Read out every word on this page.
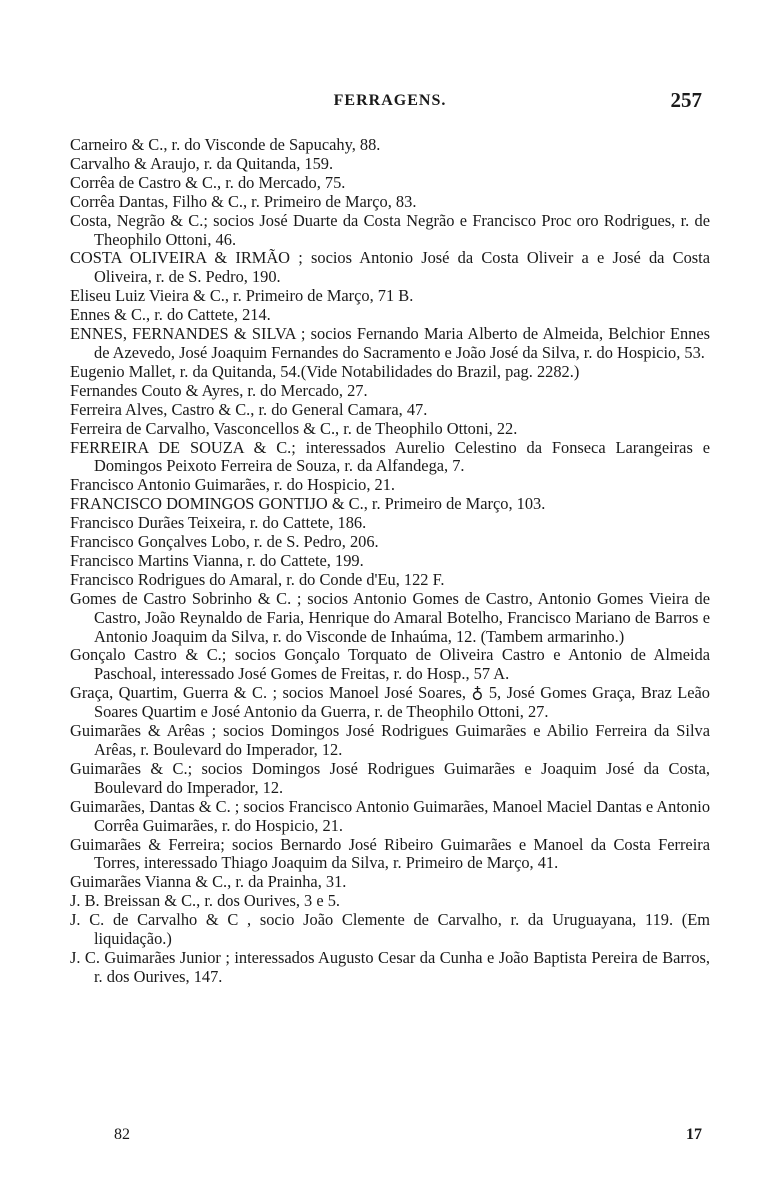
FERRAGENS.	257

Carneiro & C., r. do Visconde de Sapucahy, 88.

Carvalho & Araujo, r. da Quitanda, 159.

Corrêa de Castro & C., r. do Mercado, 75.

Corrêa Dantas, Filho & C., r. Primeiro de Março, 83.

Costa, Negrão & C.; socios José Duarte da Costa Negrão e Francisco Proc oro Rodrigues, r. de Theophilo Ottoni, 46.

COSTA OLIVEIRA & IRMÃO ; socios Antonio José da Costa Oliveir a e José da Costa Oliveira, r. de S. Pedro, 190.

Eliseu Luiz Vieira & C., r. Primeiro de Março, 71 B.

Ennes & C., r. do Cattete, 214.

ENNES, FERNANDES & SILVA ; socios Fernando Maria Alberto de Almeida, Belchior Ennes de Azevedo, José Joaquim Fernandes do Sacramento e João José da Silva, r. do Hospicio, 53.

Eugenio Mallet, r. da Quitanda, 54.(Vide Notabilidades do Brazil, pag. 2282.)

Fernandes Couto & Ayres, r. do Mercado, 27.

Ferreira Alves, Castro & C., r. do General Camara, 47.

Ferreira de Carvalho, Vasconcellos & C., r. de Theophilo Ottoni, 22.

FERREIRA DE SOUZA & C.; interessados Aurelio Celestino da Fonseca Larangeiras e Domingos Peixoto Ferreira de Souza, r. da Alfandega, 7.

Francisco Antonio Guimarães, r. do Hospicio, 21.

FRANCISCO DOMINGOS GONTIJO & C., r. Primeiro de Março, 103.

Francisco Durães Teixeira, r. do Cattete, 186.

Francisco Gonçalves Lobo, r. de S. Pedro, 206.

Francisco Martins Vianna, r. do Cattete, 199.

Francisco Rodrigues do Amaral, r. do Conde d'Eu, 122 F.

Gomes de Castro Sobrinho & C. ; socios Antonio Gomes de Castro, Antonio Gomes Vieira de Castro, João Reynaldo de Faria, Henrique do Amaral Botelho, Francisco Mariano de Barros e Antonio Joaquim da Silva, r. do Visconde de Inhaúma, 12. (Tambem armarinho.)

Gonçalo Castro & C.; socios Gonçalo Torquato de Oliveira Castro e Antonio de Almeida Paschoal, interessado José Gomes de Freitas, r. do Hosp., 57 A.

Graça, Quartim, Guerra & C. ; socios Manoel José Soares, ♁ 5, José Gomes Graça, Braz Leão Soares Quartim e José Antonio da Guerra, r. de Theophilo Ottoni, 27.

Guimarães & Arêas ; socios Domingos José Rodrigues Guimarães e Abilio Ferreira da Silva Arêas, r. Boulevard do Imperador, 12.

Guimarães & C.; socios Domingos José Rodrigues Guimarães e Joaquim José da Costa, Boulevard do Imperador, 12.

Guimarães, Dantas & C. ; socios Francisco Antonio Guimarães, Manoel Maciel Dantas e Antonio Corrêa Guimarães, r. do Hospicio, 21.

Guimarães & Ferreira; socios Bernardo José Ribeiro Guimarães e Manoel da Costa Ferreira Torres, interessado Thiago Joaquim da Silva, r. Primeiro de Março, 41.

Guimarães Vianna & C., r. da Prainha, 31.

J. B. Breissan & C., r. dos Ourives, 3 e 5.

J. C. de Carvalho & C , socio João Clemente de Carvalho, r. da Uruguayana, 119. (Em liquidação.)

J. C. Guimarães Junior ; interessados Augusto Cesar da Cunha e João Baptista Pereira de Barros, r. dos Ourives, 147.

82	17
